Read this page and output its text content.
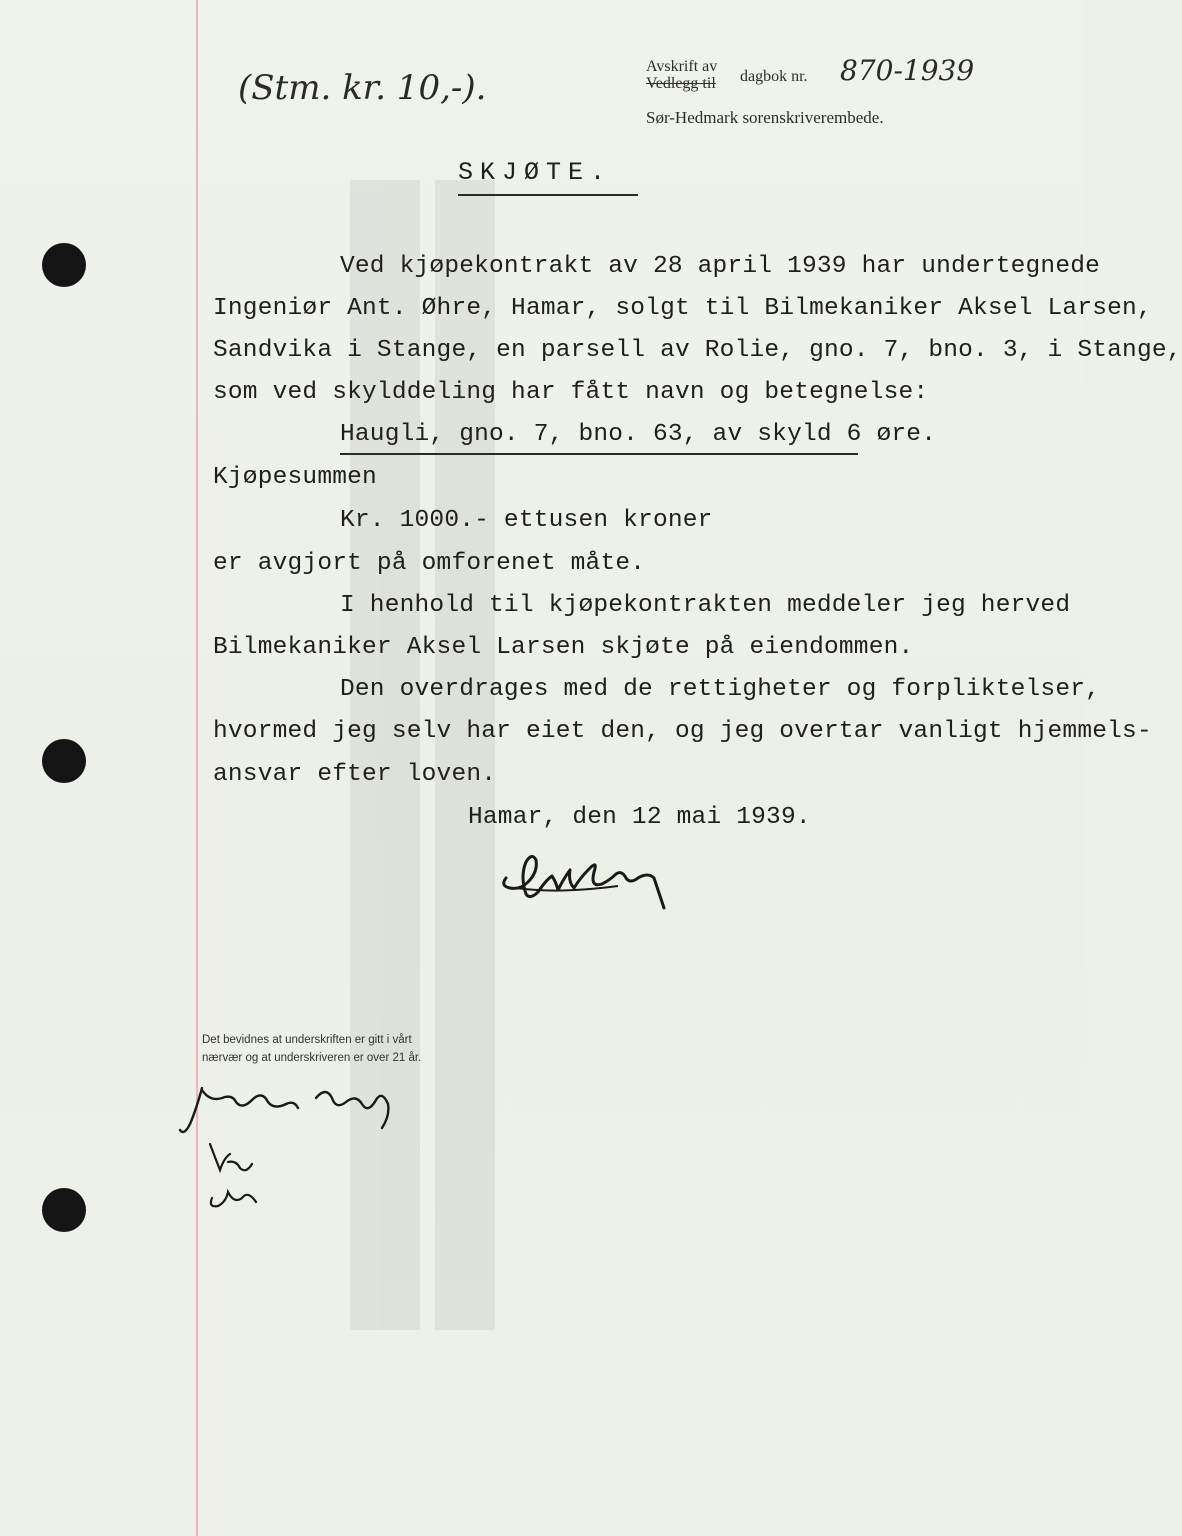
(Stm. kr. 10,-).
Avskrift av
Vedlegg til dagbok nr. 870-1939
Sør-Hedmark sorenskriverembede.
SKJØTE.
Ved kjøpekontrakt av 28 april 1939 har undertegnede
Ingeniør Ant. Øhre, Hamar, solgt til Bilmekaniker Aksel Larsen,
Sandvika i Stange, en parsell av Rolie, gno. 7, bno. 3, i Stange,
som ved skylddeling har fått navn og betegnelse:
Haugli, gno. 7, bno. 63, av skyld 6 øre.
Kjøpesummen
Kr. 1000.- ettusen kroner
er avgjort på omforenet måte.
I henhold til kjøpekontrakten meddeler jeg herved
Bilmekaniker Aksel Larsen skjøte på eiendommen.
Den overdrages med de rettigheter og forpliktelser,
hvormed jeg selv har eiet den, og jeg overtar vanligt hjemmels-
ansvar efter loven.
Hamar, den 12 mai 1939.
Det bevidnes at underskriften er gitt i vårt
nærvær og at underskriveren er over 21 år.
